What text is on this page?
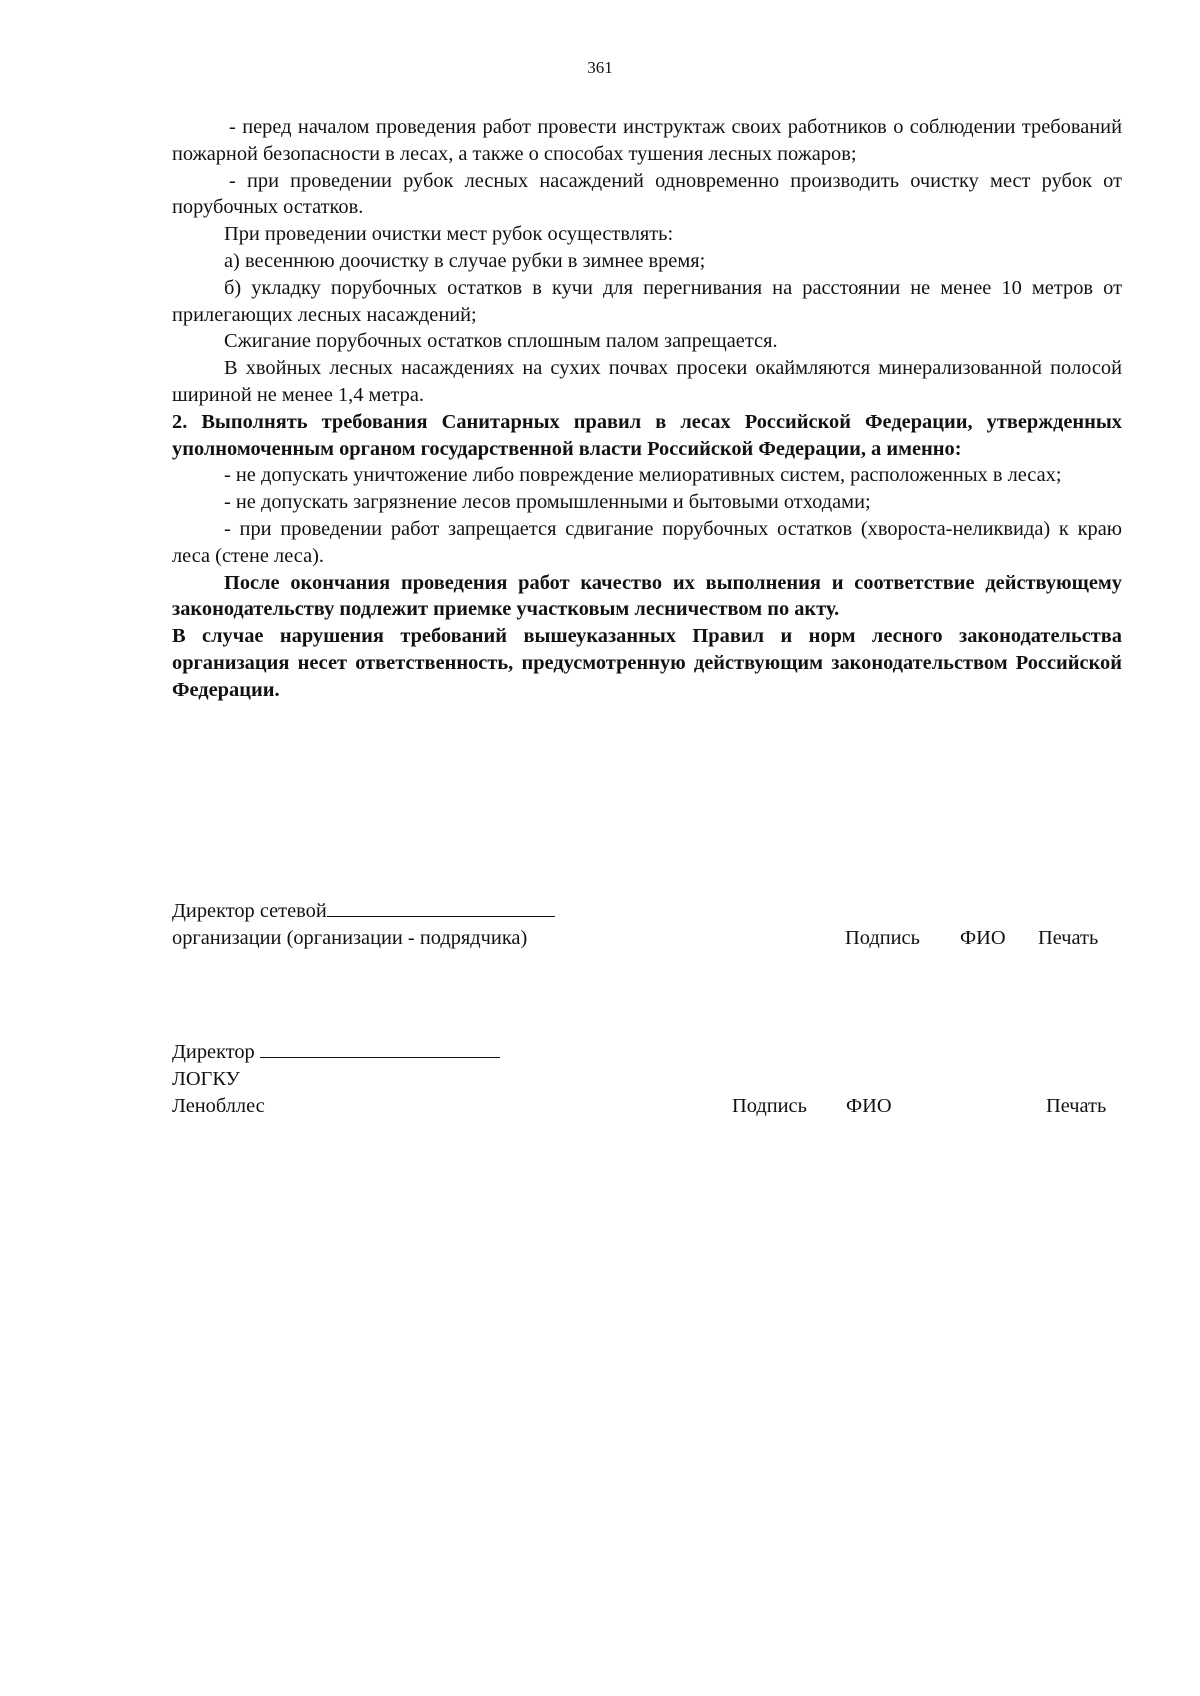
361

- перед началом проведения работ провести инструктаж своих работников о соблюдении требований пожарной безопасности в лесах, а также о способах тушения лесных пожаров;

- при проведении рубок лесных насаждений одновременно производить очистку мест рубок от порубочных остатков.

При проведении очистки мест рубок осуществлять:

а) весеннюю доочистку в случае рубки в зимнее время;

б) укладку порубочных остатков в кучи для перегнивания на расстоянии не менее 10 метров от прилегающих лесных насаждений;

Сжигание порубочных остатков сплошным палом запрещается.

В хвойных лесных насаждениях на сухих почвах просеки окаймляются минерализованной полосой шириной не менее 1,4 метра.

2. Выполнять требования Санитарных правил в лесах Российской Федерации, утвержденных уполномоченным органом государственной власти Российской Федерации, а именно:

- не допускать уничтожение либо повреждение мелиоративных систем, расположенных в лесах;

- не допускать загрязнение лесов промышленными и бытовыми отходами;

- при проведении работ запрещается сдвигание порубочных остатков (хвороста-неликвида) к краю леса (стене леса).

После окончания проведения работ качество их выполнения и соответствие действующему законодательству подлежит приемке участковым лесничеством по акту.

В случае нарушения требований вышеуказанных Правил и норм лесного законодательства организация несет ответственность, предусмотренную действующим законодательством Российской Федерации.

Директор сетевой
организации (организации - подрядчика)	Подпись ФИО Печать
Директор
ЛОГКУ
Ленобллес	Подпись ФИО	Печать
